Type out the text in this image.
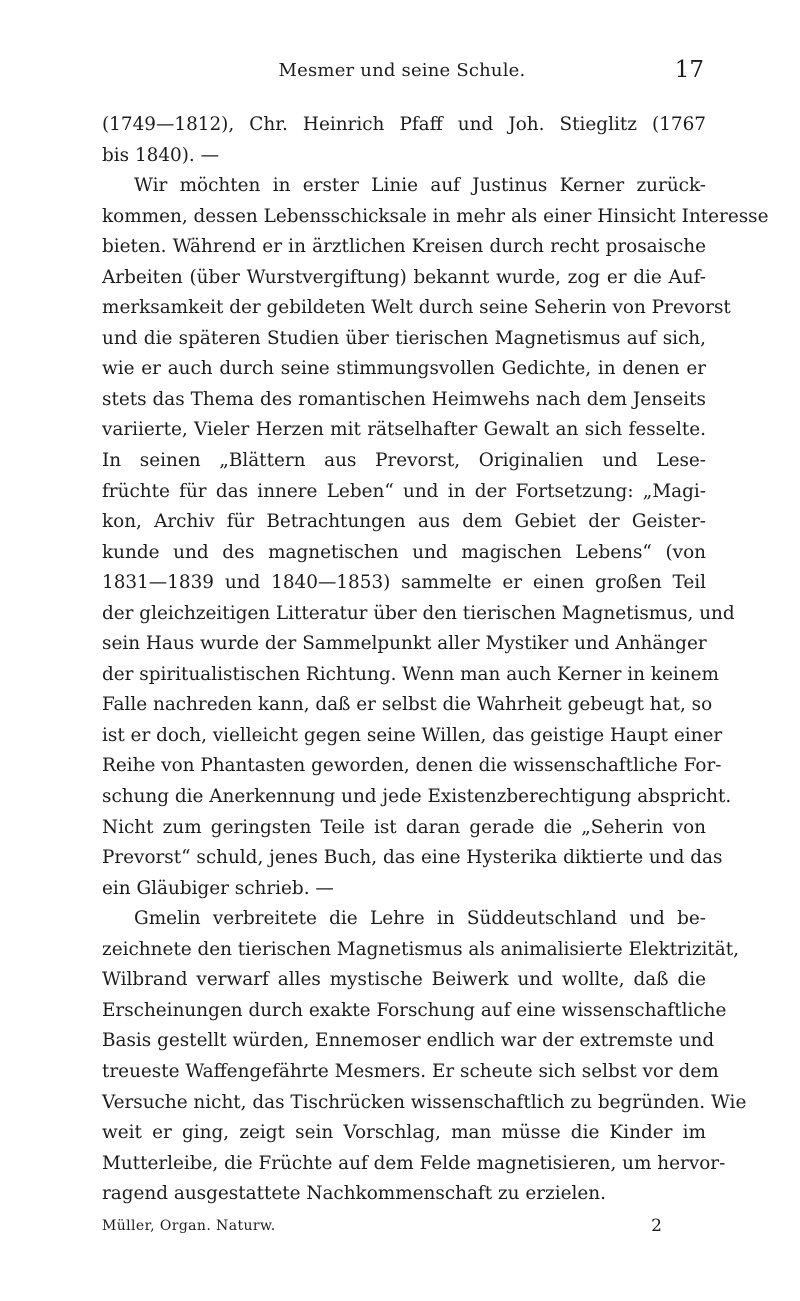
Mesmer und seine Schule.	17
(1749—1812), Chr. Heinrich Pfaff und Joh. Stieglitz (1767
bis 1840). —
Wir möchten in erster Linie auf Justinus Kerner zurück-
kommen, dessen Lebensschicksale in mehr als einer Hinsicht Interesse
bieten. Während er in ärztlichen Kreisen durch recht prosaische
Arbeiten (über Wurstvergiftung) bekannt wurde, zog er die Auf-
merksamkeit der gebildeten Welt durch seine Seherin von Prevorst
und die späteren Studien über tierischen Magnetismus auf sich,
wie er auch durch seine stimmungsvollen Gedichte, in denen er
stets das Thema des romantischen Heimwehs nach dem Jenseits
variierte, Vieler Herzen mit rätselhafter Gewalt an sich fesselte.
In seinen „Blättern aus Prevorst, Originalien und Lese-
früchte für das innere Leben“ und in der Fortsetzung: „Magi-
kon, Archiv für Betrachtungen aus dem Gebiet der Geister-
kunde und des magnetischen und magischen Lebens“ (von
1831—1839 und 1840—1853) sammelte er einen großen Teil
der gleichzeitigen Litteratur über den tierischen Magnetismus, und
sein Haus wurde der Sammelpunkt aller Mystiker und Anhänger
der spiritualistischen Richtung. Wenn man auch Kerner in keinem
Falle nachreden kann, daß er selbst die Wahrheit gebeugt hat, so
ist er doch, vielleicht gegen seine Willen, das geistige Haupt einer
Reihe von Phantasten geworden, denen die wissenschaftliche For-
schung die Anerkennung und jede Existenzberechtigung abspricht.
Nicht zum geringsten Teile ist daran gerade die „Seherin von
Prevorst“ schuld, jenes Buch, das eine Hysterika diktierte und das
ein Gläubiger schrieb. —
Gmelin verbreitete die Lehre in Süddeutschland und be-
zeichnete den tierischen Magnetismus als animalisierte Elektrizität,
Wilbrand verwarf alles mystische Beiwerk und wollte, daß die
Erscheinungen durch exakte Forschung auf eine wissenschaftliche
Basis gestellt würden, Ennemoser endlich war der extremste und
treueste Waffengefährte Mesmers. Er scheute sich selbst vor dem
Versuche nicht, das Tischrücken wissenschaftlich zu begründen. Wie
weit er ging, zeigt sein Vorschlag, man müsse die Kinder im
Mutterleibe, die Früchte auf dem Felde magnetisieren, um hervor-
ragend ausgestattete Nachkommenschaft zu erzielen.
Müller, Organ. Naturw.	2
